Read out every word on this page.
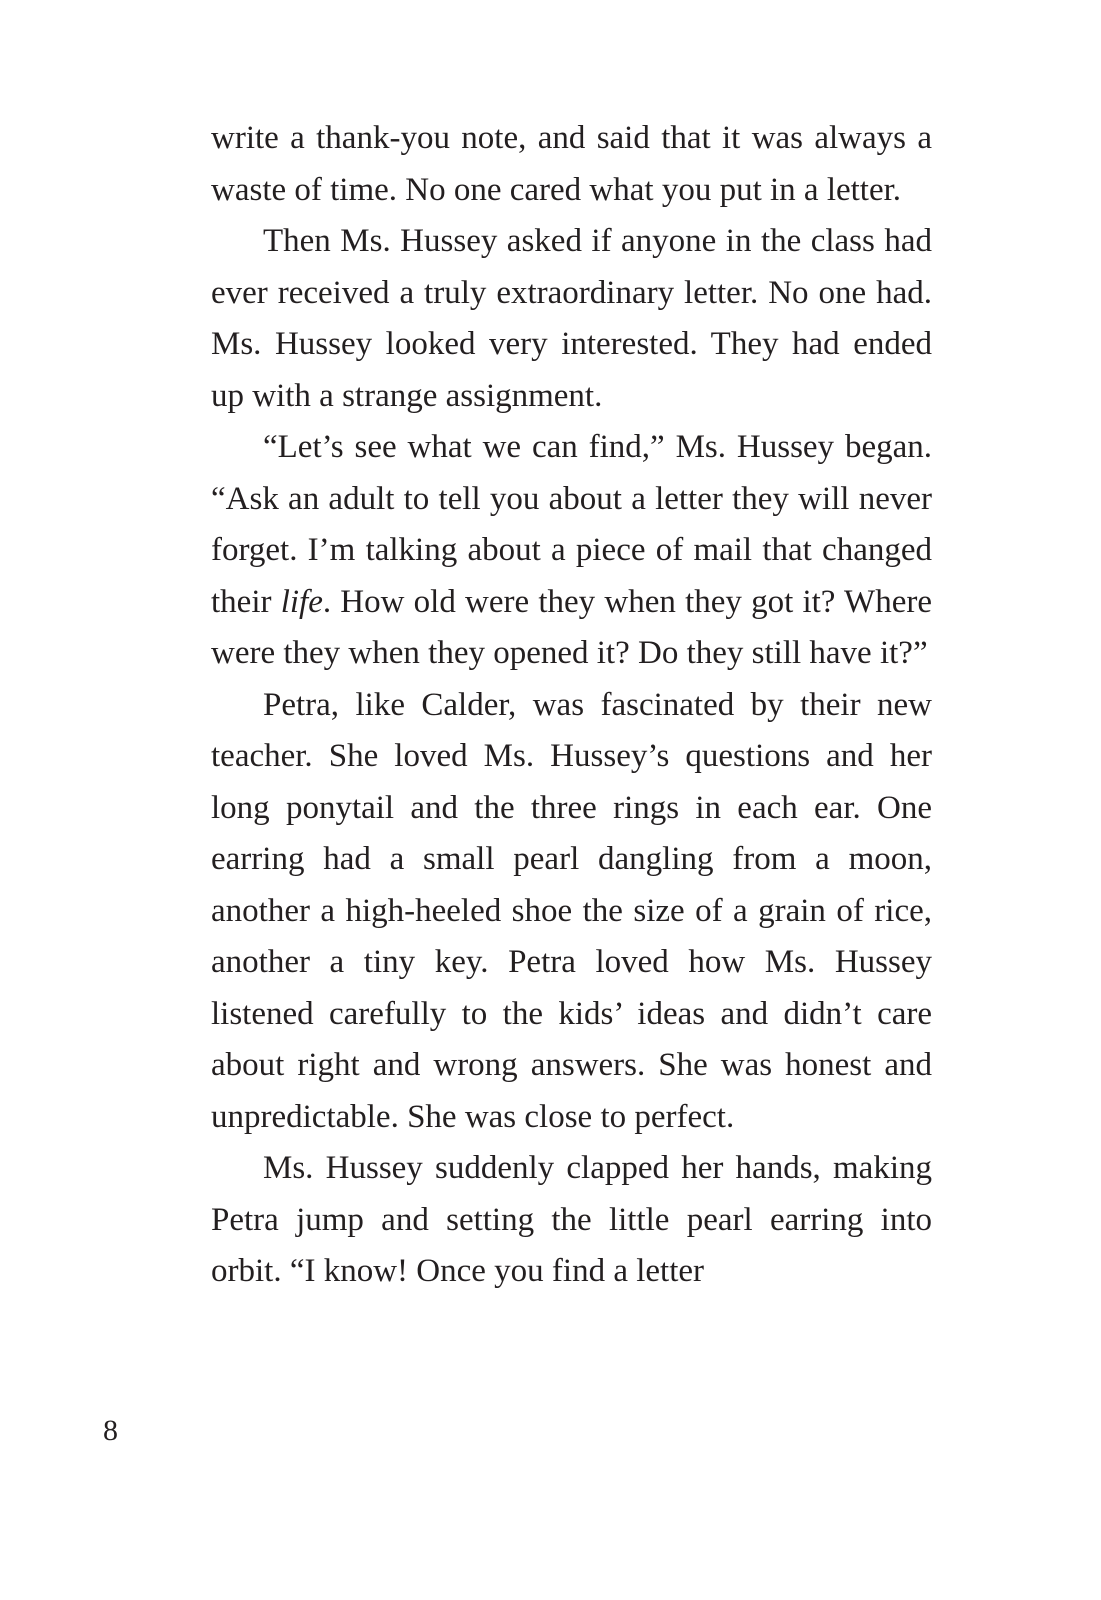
write a thank-you note, and said that it was always a waste of time. No one cared what you put in a letter.

Then Ms. Hussey asked if anyone in the class had ever received a truly extraordinary letter. No one had. Ms. Hussey looked very interested. They had ended up with a strange assignment.

“Let’s see what we can find,” Ms. Hussey began. “Ask an adult to tell you about a letter they will never forget. I’m talking about a piece of mail that changed their life. How old were they when they got it? Where were they when they opened it? Do they still have it?”

Petra, like Calder, was fascinated by their new teacher. She loved Ms. Hussey’s questions and her long ponytail and the three rings in each ear. One earring had a small pearl dangling from a moon, another a high-heeled shoe the size of a grain of rice, another a tiny key. Petra loved how Ms. Hussey listened carefully to the kids’ ideas and didn’t care about right and wrong answers. She was honest and unpredictable. She was close to perfect.

Ms. Hussey suddenly clapped her hands, making Petra jump and setting the little pearl earring into orbit. “I know! Once you find a letter

8
